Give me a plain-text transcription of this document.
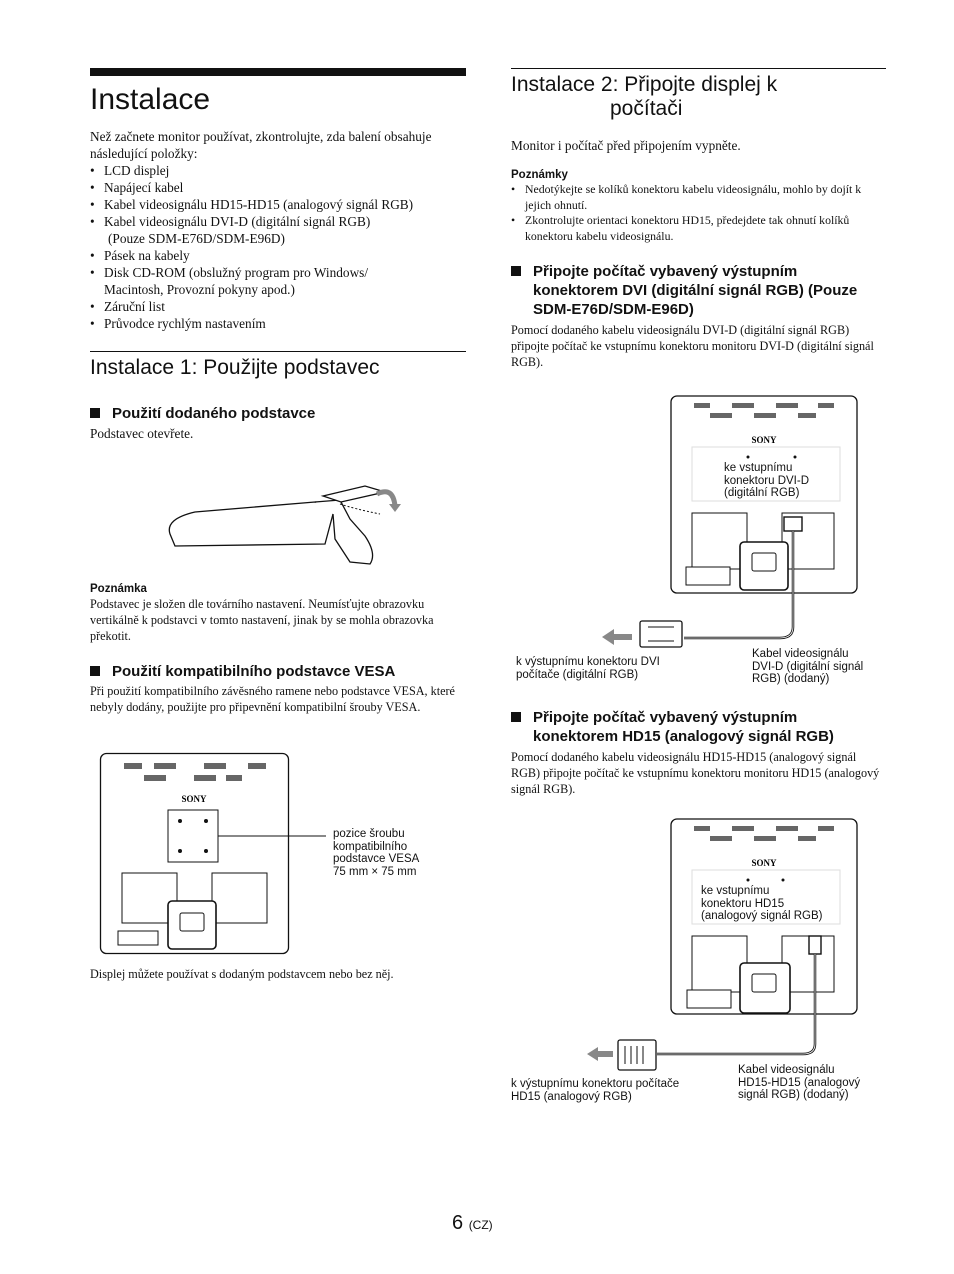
Instalace
Než začnete monitor používat, zkontrolujte, zda balení obsahuje následující položky:
• LCD displej
• Napájecí kabel
• Kabel videosignálu HD15-HD15 (analogový signál RGB)
• Kabel videosignálu DVI-D (digitální signál RGB)
(Pouze SDM-E76D/SDM-E96D)
• Pásek na kabely
• Disk CD-ROM (obslužný program pro Windows/
Macintosh, Provozní pokyny apod.)
• Záruční list
• Průvodce rychlým nastavením
Instalace 1: Použijte podstavec
Použití dodaného podstavce
Podstavec otevřete.
Poznámka
Podstavec je složen dle továrního nastavení. Neumísťujte obrazovku vertikálně k podstavci v tomto nastavení, jinak by se mohla obrazovka překotit.
Použití kompatibilního podstavce VESA
Při použití kompatibilního závěsného ramene nebo podstavce VESA, které nebyly dodány, použijte pro připevnění kompatibilní šrouby VESA.
SONY
pozice šroubu
kompatibilního
podstavce VESA
75 mm × 75 mm
Displej můžete používat s dodaným podstavcem nebo bez něj.
Instalace 2: Připojte displej k
počítači
Monitor i počítač před připojením vypněte.
Poznámky
• Nedotýkejte se kolíků konektoru kabelu videosignálu, mohlo by dojít k jejich ohnutí.
• Zkontrolujte orientaci konektoru HD15, předejdete tak ohnutí kolíků konektoru kabelu videosignálu.
Připojte počítač vybavený výstupním konektorem DVI (digitální signál RGB) (Pouze SDM-E76D/SDM-E96D)
Pomocí dodaného kabelu videosignálu DVI-D (digitální signál RGB) připojte počítač ke vstupnímu konektoru monitoru DVI-D (digitální signál RGB).
SONY
ke vstupnímu
konektoru DVI-D
(digitální RGB)
k výstupnímu konektoru DVI
počítače (digitální RGB)
Kabel videosignálu
DVI-D (digitální signál
RGB) (dodaný)
Připojte počítač vybavený výstupním konektorem HD15 (analogový signál RGB)
Pomocí dodaného kabelu videosignálu HD15-HD15 (analogový signál RGB) připojte počítač ke vstupnímu konektoru monitoru HD15 (analogový signál RGB).
SONY
ke vstupnímu
konektoru HD15
(analogový signál RGB)
k výstupnímu konektoru počítače
HD15 (analogový RGB)
Kabel videosignálu
HD15-HD15 (analogový
signál RGB) (dodaný)
6 (CZ)
